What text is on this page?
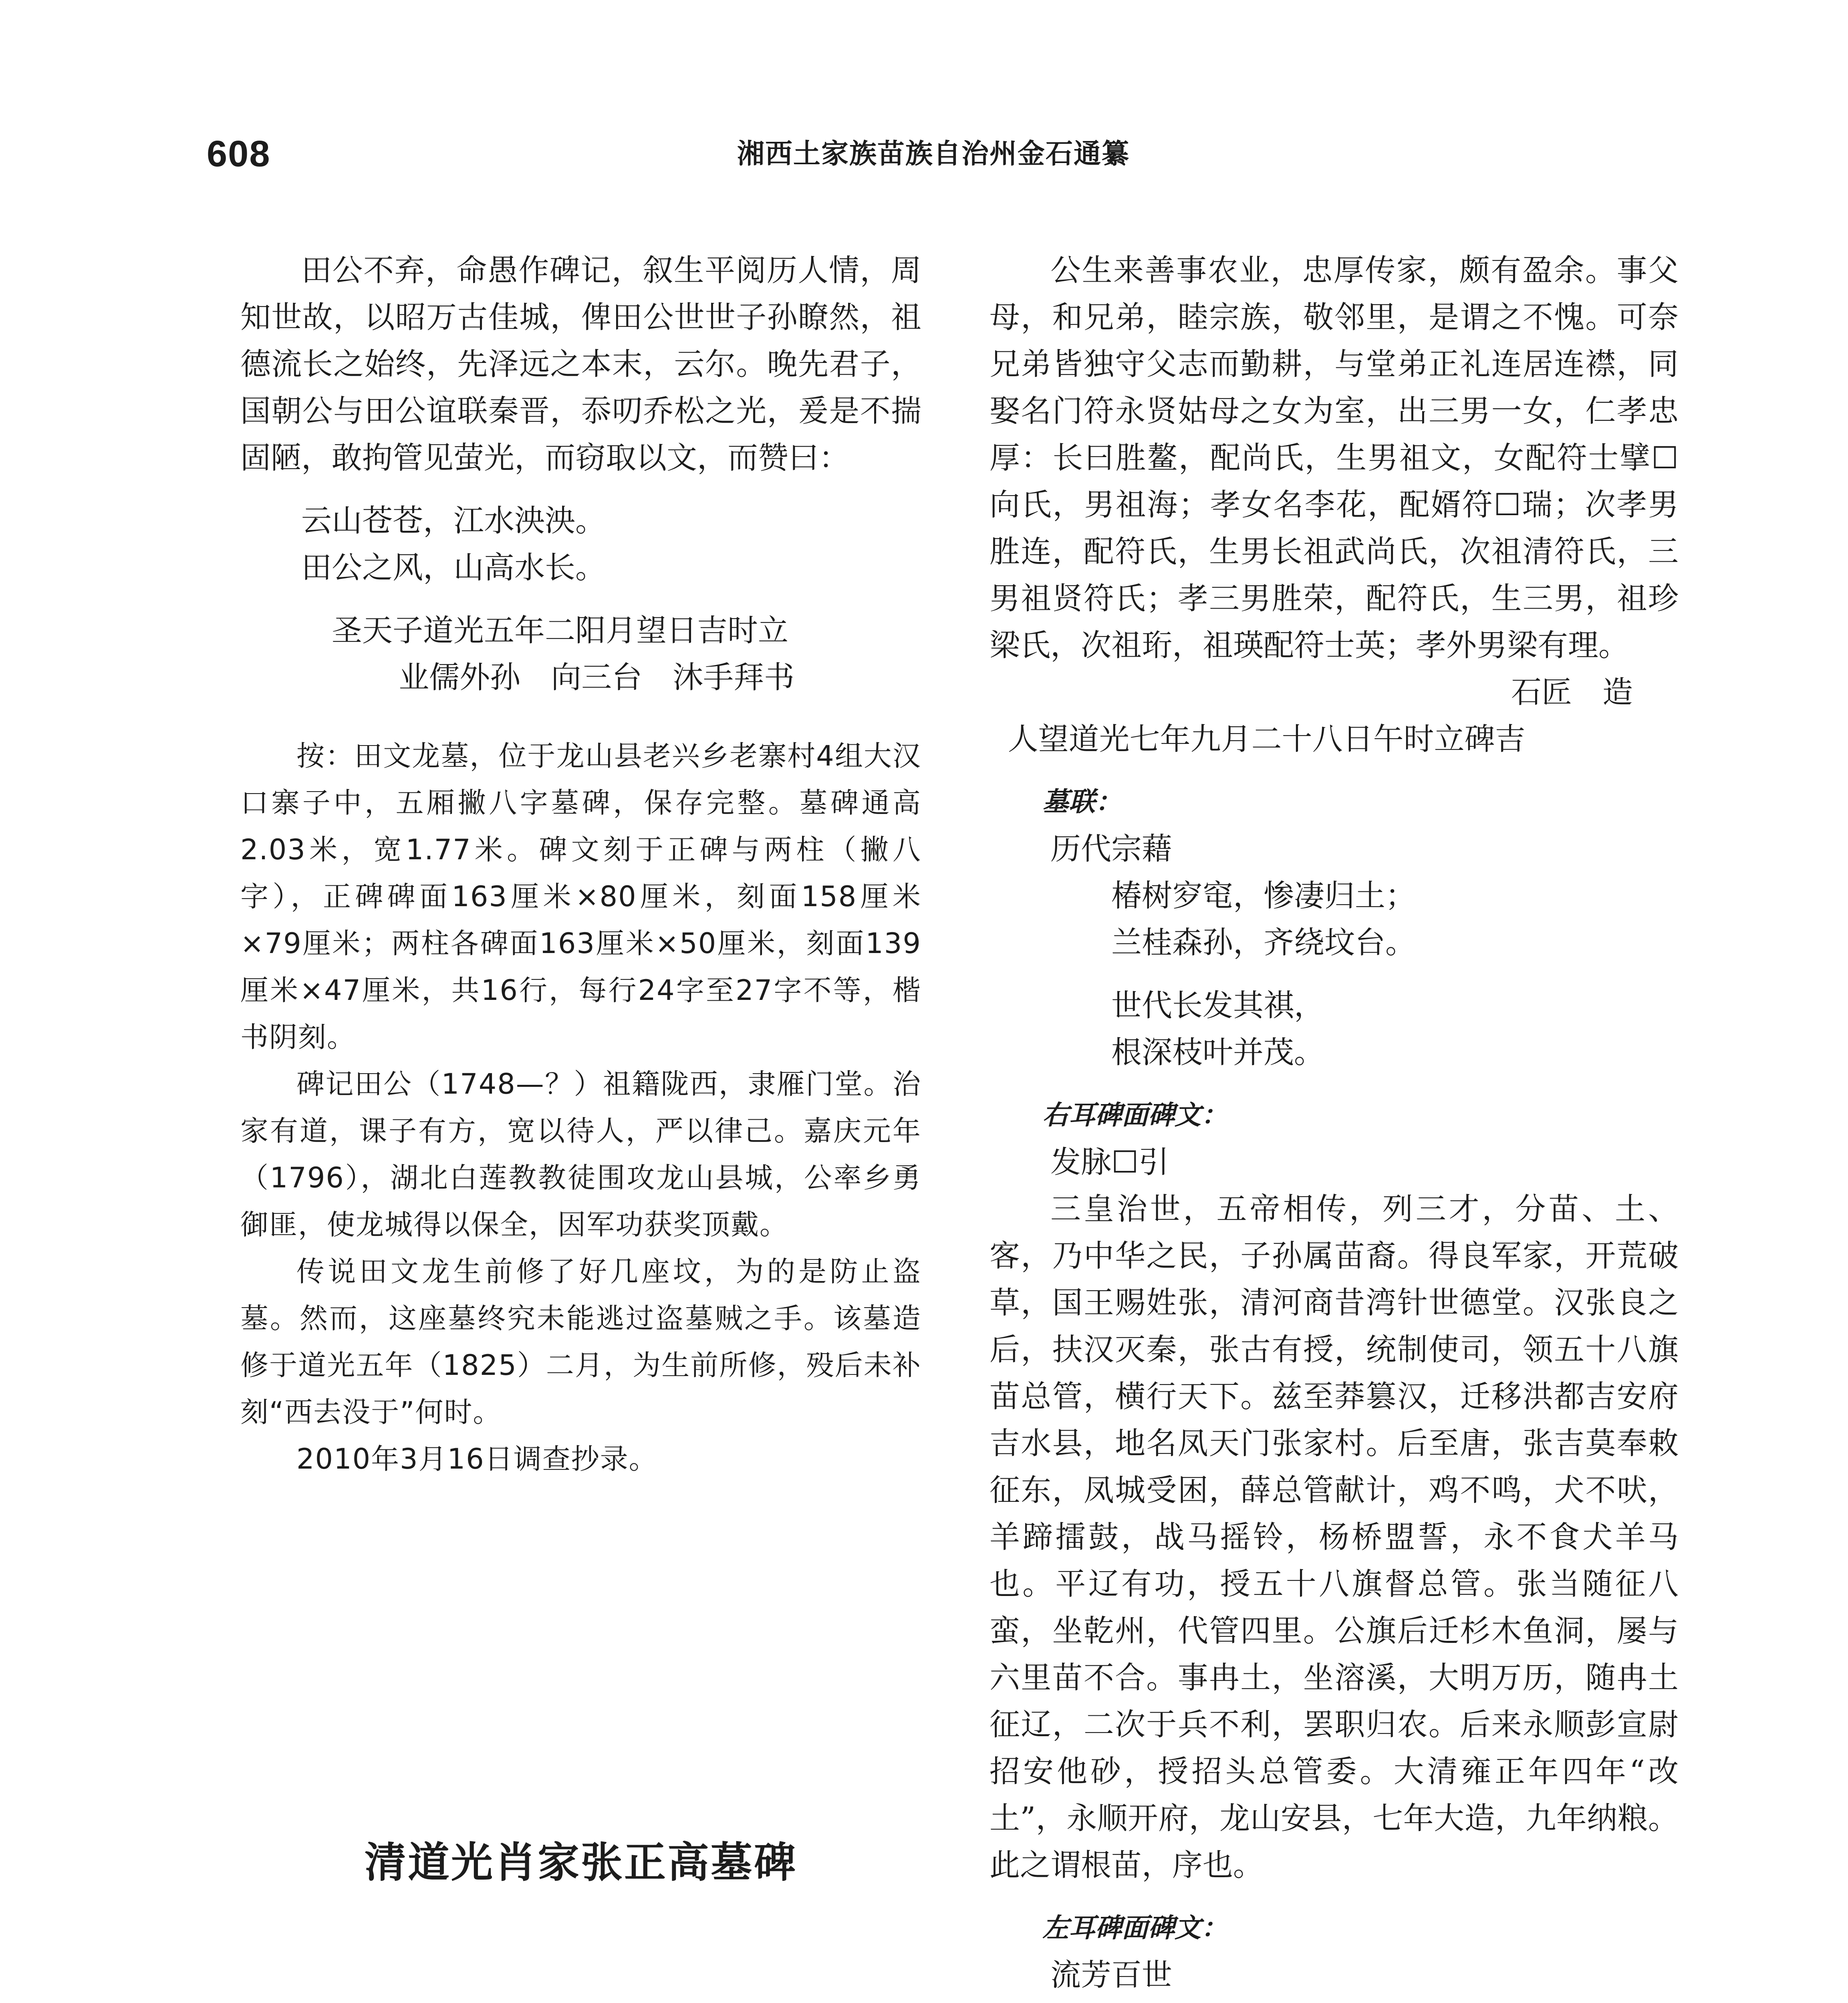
608	湘西土家族苗族自治州金石通纂

田公不弃，命愚作碑记，叙生平阅历人情，周知世故，以昭万古佳城，俾田公世世子孙瞭然，祖德流长之始终，先泽远之本末，云尔。晚先君子，国朝公与田公谊联秦晋，忝叨乔松之光，爰是不揣固陋，敢拘管见萤光，而窃取以文，而赞曰：

云山苍苍，江水泱泱。

田公之风，山高水长。

圣天子道光五年二阳月望日吉时立

业儒外孙　向三台　沐手拜书

按：田文龙墓，位于龙山县老兴乡老寨村4组大汉口寨子中，五厢撇八字墓碑，保存完整。墓碑通高2.03米，宽1.77米。碑文刻于正碑与两柱（撇八字），正碑碑面163厘米×80厘米，刻面158厘米×79厘米；两柱各碑面163厘米×50厘米，刻面139厘米×47厘米，共16行，每行24字至27字不等，楷书阴刻。

碑记田公（1748—？）祖籍陇西，隶雁门堂。治家有道，课子有方，宽以待人，严以律己。嘉庆元年（1796），湖北白莲教教徒围攻龙山县城，公率乡勇御匪，使龙城得以保全，因军功获奖顶戴。

传说田文龙生前修了好几座坟，为的是防止盗墓。然而，这座墓终究未能逃过盗墓贼之手。该墓造修于道光五年（1825）二月，为生前所修，殁后未补刻“西去没于”何时。

2010年3月16日调查抄录。

清道光肖家张正高墓碑

公生来善事农业，忠厚传家，颇有盈余。事父母，和兄弟，睦宗族，敬邻里，是谓之不愧。可奈兄弟皆独守父志而勤耕，与堂弟正礼连居连襟，同娶名门符永贤姑母之女为室，出三男一女，仁孝忠厚：长曰胜鳌，配尚氏，生男祖文，女配符士擘☐向氏，男祖海；孝女名李花，配婿符☐瑞；次孝男胜连，配符氏，生男长祖武尚氏，次祖清符氏，三男祖贤符氏；孝三男胜荣，配符氏，生三男，祖珍梁氏，次祖珩，祖瑛配符士英；孝外男梁有理。

石匠　造

人望道光七年九月二十八日午时立碑吉

墓联：

历代宗藉

椿树穸窀，惨凄归土；

兰桂森孙，齐绕坟台。

世代长发其祺，

根深枝叶并茂。

右耳碑面碑文：

发脉☐引

三皇治世，五帝相传，列三才，分苗、土、客，乃中华之民，子孙属苗裔。得良军家，开荒破草，国王赐姓张，清河商昔湾针世德堂。汉张良之后，扶汉灭秦，张古有授，统制使司，领五十八旗苗总管，横行天下。兹至莽篡汉，迁移洪都吉安府吉水县，地名凤天门张家村。后至唐，张吉莫奉敕征东，凤城受困，薛总管献计，鸡不鸣，犬不吠，羊蹄擂鼓，战马摇铃，杨桥盟誓，永不食犬羊马也。平辽有功，授五十八旗督总管。张当随征八蛮，坐乾州，代管四里。公旗后迁杉木鱼洞，屡与六里苗不合。事冉土，坐溶溪，大明万历，随冉土征辽，二次于兵不利，罢职归农。后来永顺彭宣尉招安他砂，授招头总管委。大清雍正年四年“改土”，永顺开府，龙山安县，七年大造，九年纳粮。此之谓根苗，序也。

左耳碑面碑文：

流芳百世
